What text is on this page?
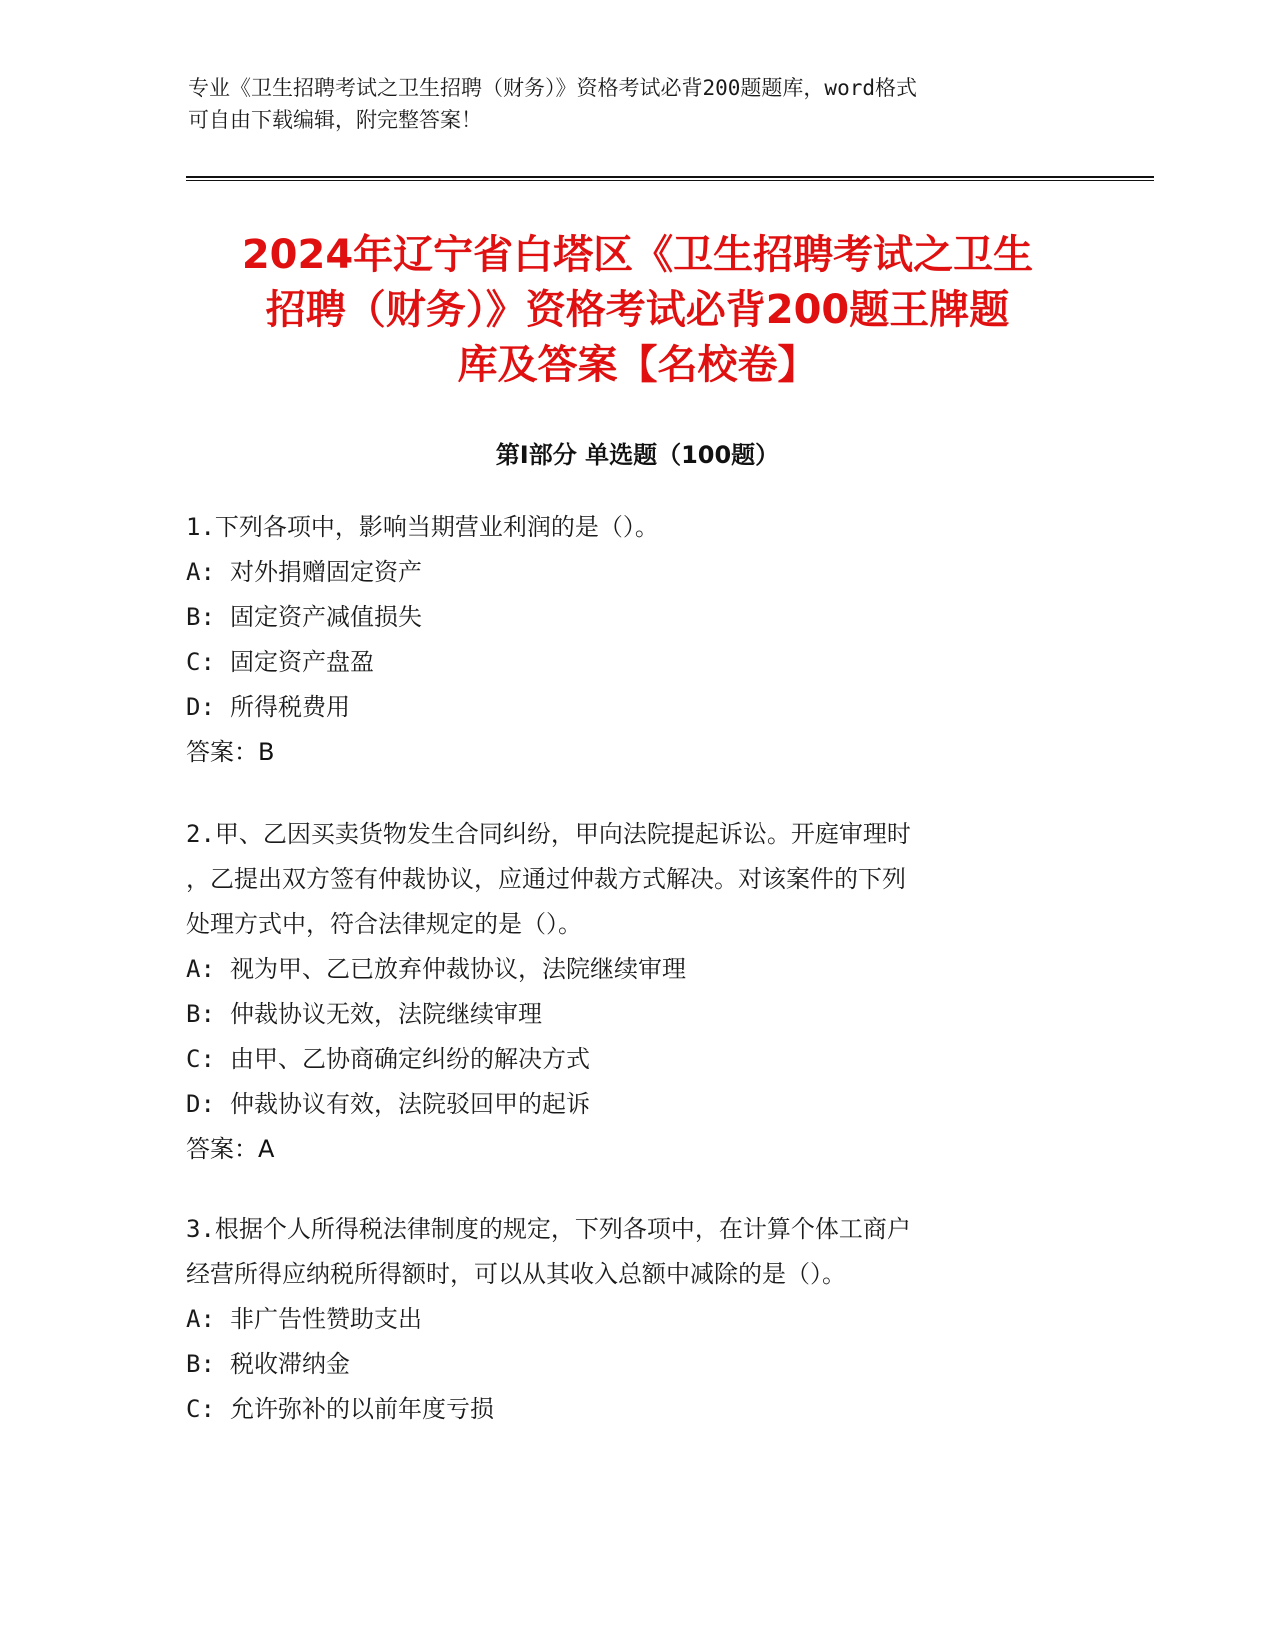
专业《卫生招聘考试之卫生招聘（财务）》资格考试必背200题题库，word格式
可自由下载编辑，附完整答案！
2024年辽宁省白塔区《卫生招聘考试之卫生
招聘（财务）》资格考试必背200题王牌题
库及答案【名校卷】
第Ⅰ部分 单选题（100题）
1.下列各项中，影响当期营业利润的是（）。
A: 对外捐赠固定资产
B: 固定资产减值损失
C: 固定资产盘盈
D: 所得税费用
答案：B
2.甲、乙因买卖货物发生合同纠纷，甲向法院提起诉讼。开庭审理时
，乙提出双方签有仲裁协议，应通过仲裁方式解决。对该案件的下列
处理方式中，符合法律规定的是（）。
A: 视为甲、乙已放弃仲裁协议，法院继续审理
B: 仲裁协议无效，法院继续审理
C: 由甲、乙协商确定纠纷的解决方式
D: 仲裁协议有效，法院驳回甲的起诉
答案：A
3.根据个人所得税法律制度的规定，下列各项中，在计算个体工商户
经营所得应纳税所得额时，可以从其收入总额中减除的是（）。
A: 非广告性赞助支出
B: 税收滞纳金
C: 允许弥补的以前年度亏损
